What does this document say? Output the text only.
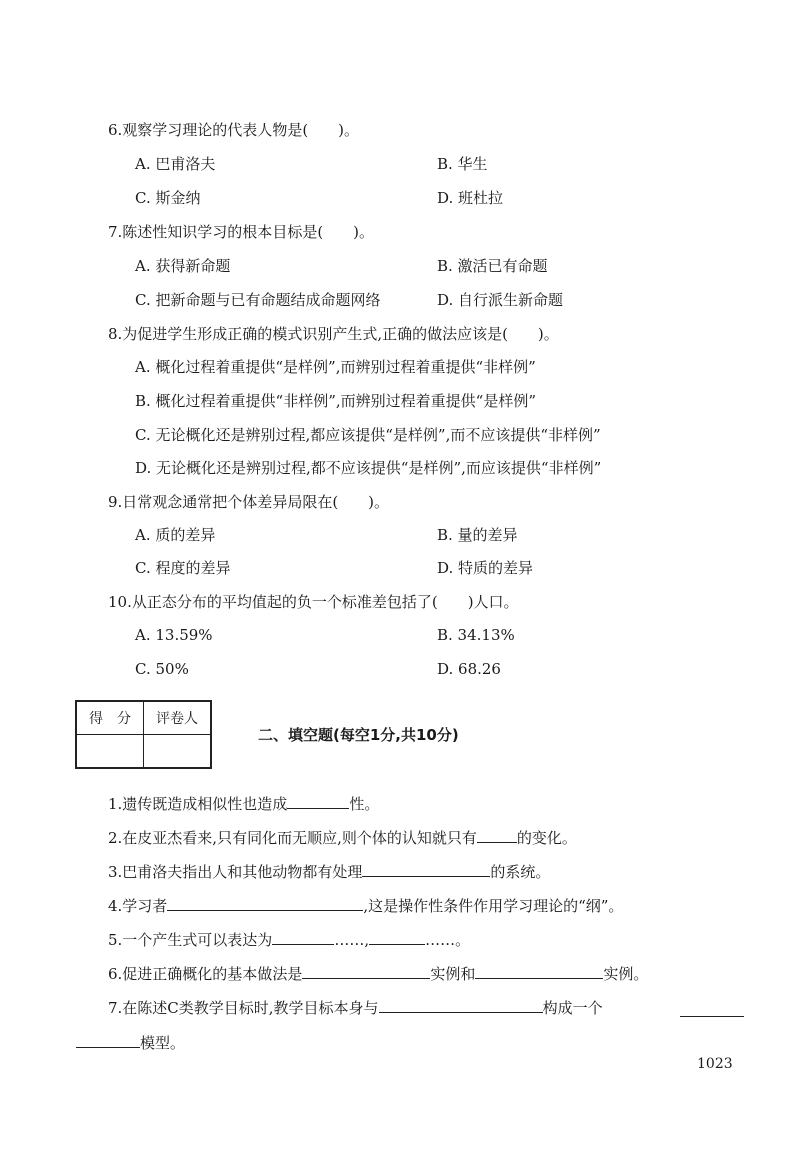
6.观察学习理论的代表人物是(　　)。
A. 巴甫洛夫	B. 华生
C. 斯金纳	D. 班杜拉
7.陈述性知识学习的根本目标是(　　)。
A. 获得新命题	B. 激活已有命题
C. 把新命题与已有命题结成命题网络	D. 自行派生新命题
8.为促进学生形成正确的模式识别产生式,正确的做法应该是(　　)。
A. 概化过程着重提供“是样例”,而辨别过程着重提供“非样例”
B. 概化过程着重提供“非样例”,而辨别过程着重提供“是样例”
C. 无论概化还是辨别过程,都应该提供“是样例”,而不应该提供“非样例”
D. 无论概化还是辨别过程,都不应该提供“是样例”,而应该提供“非样例”
9.日常观念通常把个体差异局限在(　　)。
A. 质的差异	B. 量的差异
C. 程度的差异	D. 特质的差异
10.从正态分布的平均值起的负一个标准差包括了(　　)人口。
A. 13.59%	B. 34.13%
C. 50%	D. 68.26
得　分	评卷人

二、填空题(每空1分,共10分)
1.遗传既造成相似性也造成	性。
2.在皮亚杰看来,只有同化而无顺应,则个体的认知就只有	的变化。
3.巴甫洛夫指出人和其他动物都有处理	的系统。
4.学习者	,这是操作性条件作用学习理论的“纲”。
5.一个产生式可以表达为	……,	……。
6.促进正确概化的基本做法是	实例和	实例。
7.在陈述C类教学目标时,教学目标本身与	构成一个
模型。
1023
